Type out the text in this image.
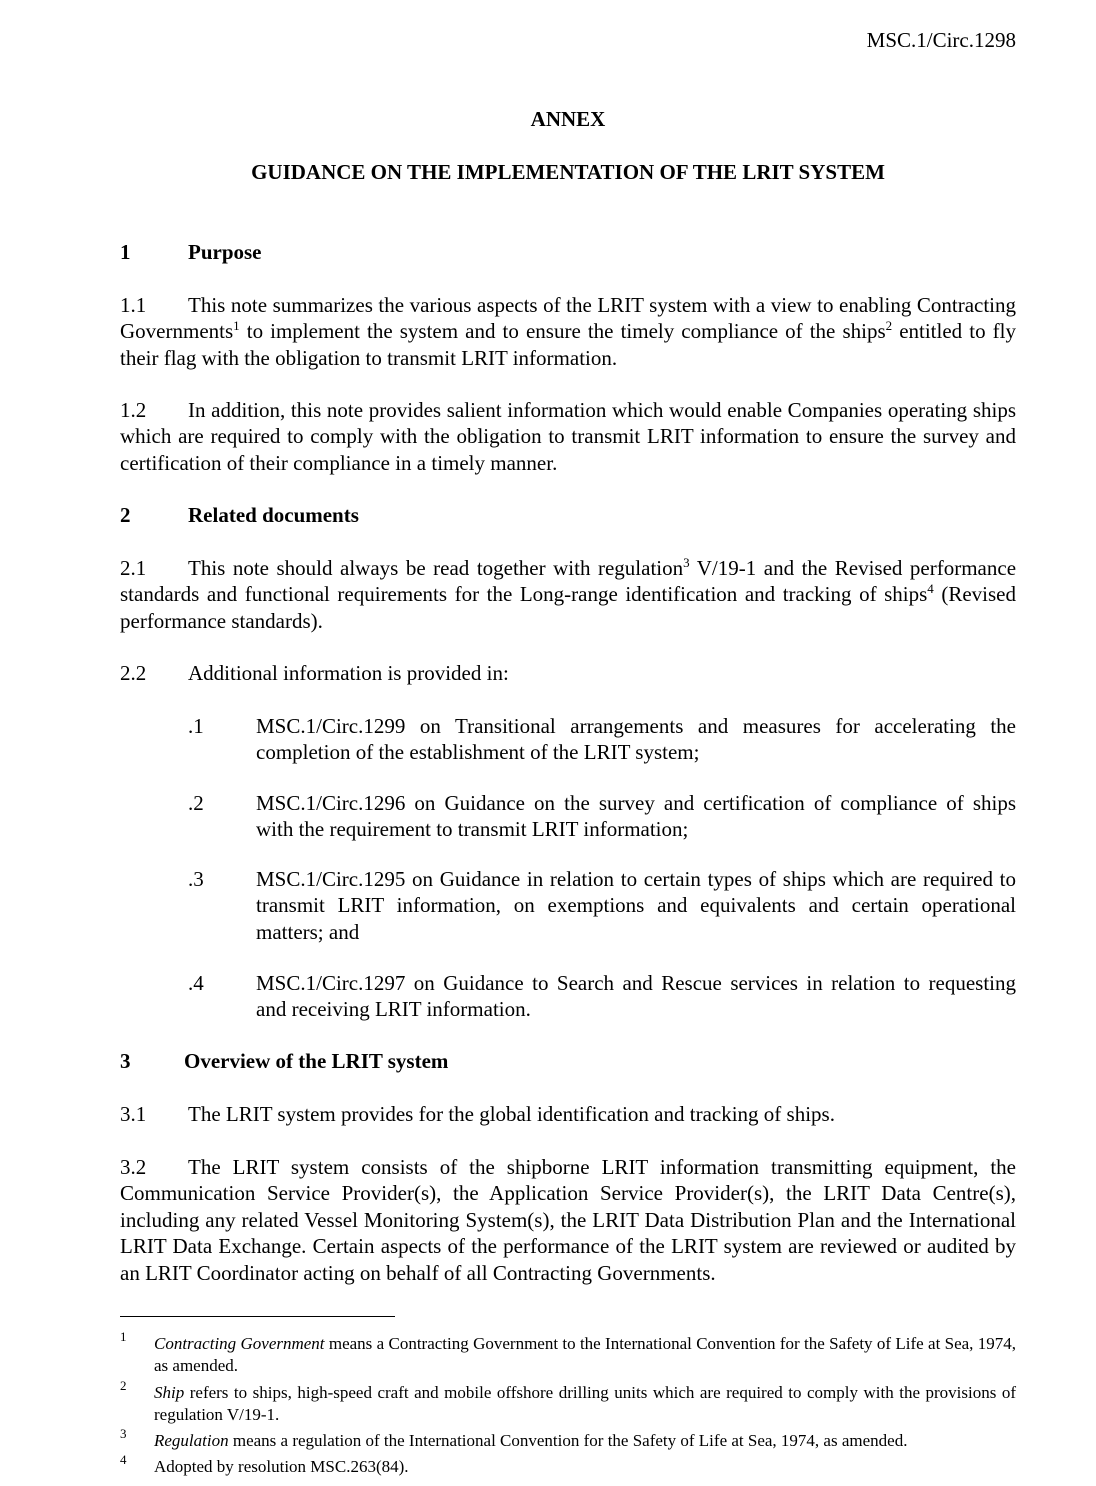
MSC.1/Circ.1298
ANNEX
GUIDANCE ON THE IMPLEMENTATION OF THE LRIT SYSTEM
1	Purpose
1.1 This note summarizes the various aspects of the LRIT system with a view to enabling Contracting Governments$^1$ to implement the system and to ensure the timely compliance of the ships$^2$ entitled to fly their flag with the obligation to transmit LRIT information.
1.2 In addition, this note provides salient information which would enable Companies operating ships which are required to comply with the obligation to transmit LRIT information to ensure the survey and certification of their compliance in a timely manner.
2	Related documents
2.1 This note should always be read together with regulation$^3$ V/19-1 and the Revised performance standards and functional requirements for the Long-range identification and tracking of ships$^4$ (Revised performance standards).
2.2 Additional information is provided in:
.1 MSC.1/Circ.1299 on Transitional arrangements and measures for accelerating the completion of the establishment of the LRIT system;
.2 MSC.1/Circ.1296 on Guidance on the survey and certification of compliance of ships with the requirement to transmit LRIT information;
.3 MSC.1/Circ.1295 on Guidance in relation to certain types of ships which are required to transmit LRIT information, on exemptions and equivalents and certain operational matters; and
.4 MSC.1/Circ.1297 on Guidance to Search and Rescue services in relation to requesting and receiving LRIT information.
3	Overview of the LRIT system
3.1 The LRIT system provides for the global identification and tracking of ships.
3.2 The LRIT system consists of the shipborne LRIT information transmitting equipment, the Communication Service Provider(s), the Application Service Provider(s), the LRIT Data Centre(s), including any related Vessel Monitoring System(s), the LRIT Data Distribution Plan and the International LRIT Data Exchange. Certain aspects of the performance of the LRIT system are reviewed or audited by an LRIT Coordinator acting on behalf of all Contracting Governments.
1 Contracting Government means a Contracting Government to the International Convention for the Safety of Life at Sea, 1974, as amended.
2 Ship refers to ships, high-speed craft and mobile offshore drilling units which are required to comply with the provisions of regulation V/19-1.
3 Regulation means a regulation of the International Convention for the Safety of Life at Sea, 1974, as amended.
4 Adopted by resolution MSC.263(84).
